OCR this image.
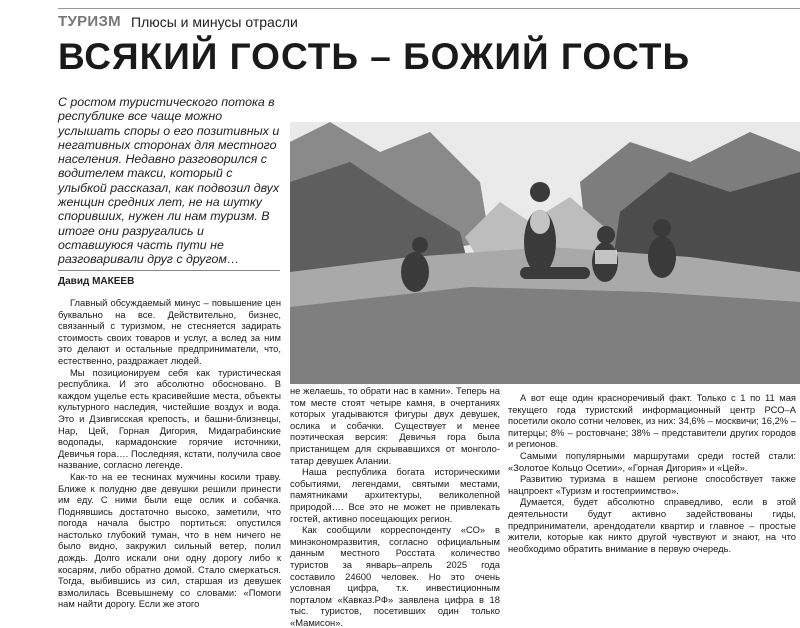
ТУРИЗМ Плюсы и минусы отрасли
ВСЯКИЙ ГОСТЬ – БОЖИЙ ГОСТЬ

С ростом туристического потока в республике все чаще можно услышать споры о его позитивных и негативных сторонах для местного населения. Недавно разговорился с водителем такси, который с улыбкой рассказал, как подвозил двух женщин средних лет, не на шутку споривших, нужен ли нам туризм. В итоге они разругались и оставшуюся часть пути не разговаривали друг с другом…

Давид МАКЕЕВ

Главный обсуждаемый минус – повышение цен буквально на все. Действительно, бизнес, связанный с туризмом, не стесняется задирать стоимость своих товаров и услуг, а вслед за ним это делают и остальные предприниматели, что, естественно, раздражает людей.

Мы позиционируем себя как туристическая республика. И это абсолютно обосновано. В каждом ущелье есть красивейшие места, объекты культурного наследия, чистейшие воздух и вода. Это и Дзивгисская крепость, и башни-близнецы, Нар, Цей, Горная Дигория, Мидаграбинские водопады, кармадонские горячие источники, Девичья гора…. Последняя, кстати, получила свое название, согласно легенде.

Как-то на ее теснинах мужчины косили траву. Ближе к полудню две девушки решили принести им еду. С ними были еще ослик и собачка. Поднявшись достаточно высоко, заметили, что погода начала быстро портиться: опустился настолько глубокий туман, что в нем ничего не было видно, закружил сильный ветер, полил дождь. Долго искали они одну дорогу либо к косарям, либо обратно домой. Стало смеркаться. Тогда, выбившись из сил, старшая из девушек взмолилась Всевышнему со словами: «Помоги нам найти дорогу. Если же этого

не желаешь, то обрати нас в камни». Теперь на том месте стоят четыре камня, в очертаниях которых угадываются фигуры двух девушек, ослика и собачки. Существует и менее поэтическая версия: Девичья гора была пристанищем для скрывавшихся от монголо-татар девушек Алании.

Наша республика богата историческими событиями, легендами, святыми местами, памятниками архитектуры, великолепной природой…. Все это не может не привлекать гостей, активно посещающих регион.

Как сообщили корреспонденту «СО» в минэкономразвития, согласно официальным данным местного Росстата количество туристов за январь–апрель 2025 года составило 24600 человек. Но это очень условная цифра, т.к. инвестиционным порталом «Кавказ.РФ» заявлена цифра в 18 тыс. туристов, посетивших один только «Мамисон».

А вот еще один красноречивый факт. Только с 1 по 11 мая текущего года туристский информационный центр РСО–А посетили около сотни человек, из них: 34,6% – москвичи; 16,2% – питерцы; 8% – ростовчане; 38% – представители других городов и регионов.

Самыми популярными маршрутами среди гостей стали: «Золотое Кольцо Осетии», «Горная Дигория» и «Цей».

Развитию туризма в нашем регионе способствует также нацпроект «Туризм и гостеприимство».

Думается, будет абсолютно справедливо, если в этой деятельности будут активно задействованы гиды, предприниматели, арендодатели квартир и главное – простые жители, которые как никто другой чувствуют и знают, на что необходимо обратить внимание в первую очередь.
